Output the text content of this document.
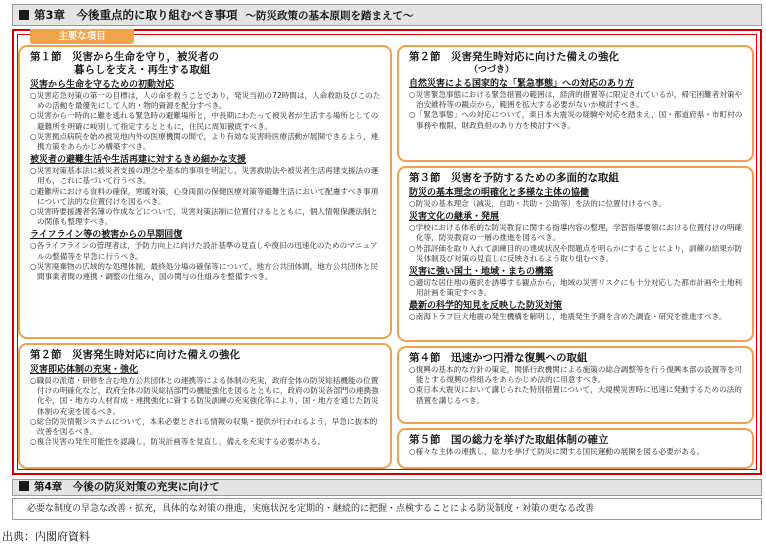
第3章　今後重点的に取り組むべき事項 ～防災政策の基本原則を踏まえて～
主要な項目
第１節　災害から生命を守り，被災者の
暮らしを支え・再生する取組
災害から生命を守るための初動対応
○災害応急対策の第一の目標は，人の命を救うことであり，発災当初の72時間は，人命救助及びこのための活動を最優先にして人的・物的資源を配分すべき。
○災害から一時的に難を逃れる緊急時の避難場所と，中長期にわたって被災者が生活する場所としての避難所を明確に峻別して指定するとともに，住民に周知徹底すべき。
○災害拠点病院を始め被災地内外の医療機関の間で，より有効な災害時医療活動が展開できるよう，連携方策をあらかじめ構築すべき。
被災者の避難生活や生活再建に対するきめ細かな支援
○災害対策基本法に被災者支援の理念や基本的事項を明記し，災害救助法や被災者生活再建支援法の運用も，これに基づいて行うべき。
○避難所における食料の確保，寒暖対策，心身両面の保健医療対策等避難生活において配慮すべき事項について法的な位置付けを図るべき。
○災害時要援護者名簿の作成などについて，災害対策法制に位置付けるとともに，個人情報保護法制との関係も整理すべき。
ライフライン等の被害からの早期回復
○各ライフラインの管理者は，予防力向上に向けた設計基準の見直しや復旧の迅速化のためのマニュアルの整備等を早急に行うべき。
○災害廃棄物の広域的な処理体制，最終処分場の確保等について，地方公共団体間，地方公共団体と民間事業者間の連携・調整の仕組み，国の関与の仕組みを整備すべき。
第２節　災害発生時対応に向けた備えの強化
災害即応体制の充実・強化
○職員の派遣・研修を含む地方公共団体との連携等による体制の充実，政府全体の防災総括機能の位置付けの明確化など，政府全体の防災総括部門の機能強化を図るとともに，政府の防災各部門の連携強化や，国・地方の人材育成・連携強化に資する防災訓練の充実強化等により，国・地方を通じた防災体制の充実を図るべき。
○総合防災情報システムについて，本来必要とされる情報の収集・提供が行われるよう，早急に抜本的改善を図るべき。
○複合災害の発生可能性を認識し，防災計画等を見直し，備えを充実する必要がある。
第２節　災害発生時対応に向けた備えの強化
（つづき）
自然災害による国家的な「緊急事態」への対応のあり方
○災害緊急事態における緊急措置の範囲は，経済的措置等に限定されているが，帰宅困難者対策や治安維持等の観点から，範囲を拡大する必要がないか検討すべき。
○「緊急事態」への対応について，東日本大震災の経験や対応を踏まえ，国・都道府県・市町村の事務や権限，財政負担のあり方を検討すべき。
第３節　災害を予防するための多面的な取組
防災の基本理念の明確化と多様な主体の協働
○防災の基本理念（減災，自助・共助・公助等）を法的に位置付けるべき。
災害文化の継承・発展
○学校における体系的な防災教育に関する指導内容の整理，学習指導要領における位置付けの明確化等，防災教育の一層の推進を図るべき。
○外部評価を取り入れて訓練目的の達成状況や問題点を明らかにすることにより，訓練の結果が防災体制及び対策の見直しに反映されるよう取り組むべき。
災害に強い国土・地域・まちの構築
○適切な居住地の選択を誘導する観点から，地域の災害リスクにも十分対応した都市計画や土地利用計画を策定すべき。
最新の科学的知見を反映した防災対策
○南海トラフ巨大地震の発生機構を解明し，地震発生予測を含めた調査・研究を推進すべき。
第４節　迅速かつ円滑な復興への取組
○復興の基本的な方針の策定，関係行政機関による施策の総合調整等を行う復興本部の設置等を可能とする復興の枠組みをあらかじめ法的に用意すべき。
○東日本大震災において講じられた特別措置について，大規模災害時に迅速に発動するための法的措置を講じるべき。
第５節　国の総力を挙げた取組体制の確立
○様々な主体の連携し，総力を挙げて防災に関する国民運動の展開を図る必要がある。
第4章　今後の防災対策の充実に向けて
必要な制度の早急な改善・拡充，具体的な対策の推進，実施状況を定期的・継続的に把握・点検することによる防災制度・対策の更なる改善
出典：内閣府資料
